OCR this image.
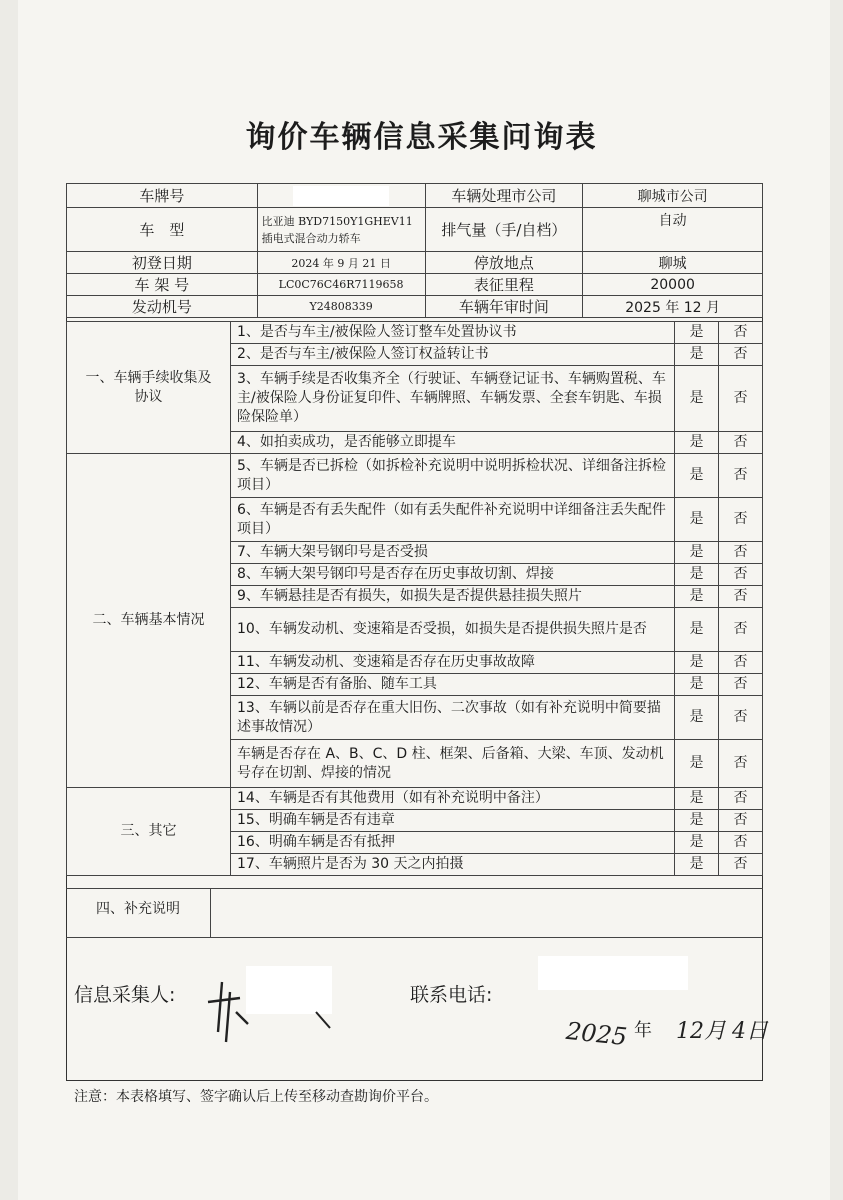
询价车辆信息采集问询表
车牌号		车辆处理市公司	聊城市公司
车　型	比亚迪 BYD7150Y1GHEV11 插电式混合动力轿车	排气量（手/自档）	自动
初登日期	2024 年 9 月 21 日	停放地点	聊城
车 架 号	LC0C76C46R7119658	表征里程	20000
发动机号	Y24808339	车辆年审时间	2025 年 12 月
一、车辆手续收集及协议	1、是否与车主/被保险人签订整车处置协议书	是	否
	2、是否与车主/被保险人签订权益转让书	是	否
	3、车辆手续是否收集齐全（行驶证、车辆登记证书、车辆购置税、车主/被保险人身份证复印件、车辆牌照、车辆发票、全套车钥匙、车损险保险单）	是	否
	4、如拍卖成功，是否能够立即提车	是	否
二、车辆基本情况	5、车辆是否已拆检（如拆检补充说明中说明拆检状况、详细备注拆检项目）	是	否
	6、车辆是否有丢失配件（如有丢失配件补充说明中详细备注丢失配件项目）	是	否
	7、车辆大架号钢印号是否受损	是	否
	8、车辆大架号钢印号是否存在历史事故切割、焊接	是	否
	9、车辆悬挂是否有损失，如损失是否提供悬挂损失照片	是	否
	10、车辆发动机、变速箱是否受损，如损失是否提供损失照片是否	是	否
	11、车辆发动机、变速箱是否存在历史事故故障	是	否
	12、车辆是否有备胎、随车工具	是	否
	13、车辆以前是否存在重大旧伤、二次事故（如有补充说明中简要描述事故情况）	是	否
	车辆是否存在 A、B、C、D 柱、框架、后备箱、大梁、车顶、发动机号存在切割、焊接的情况	是	否
三、其它	14、车辆是否有其他费用（如有补充说明中备注）	是	否
	15、明确车辆是否有违章	是	否
	16、明确车辆是否有抵押	是	否
	17、车辆照片是否为 30 天之内拍摄	是	否
四、补充说明
信息采集人:	联系电话:
2025 年 12月 4日
注意：本表格填写、签字确认后上传至移动查勘询价平台。
